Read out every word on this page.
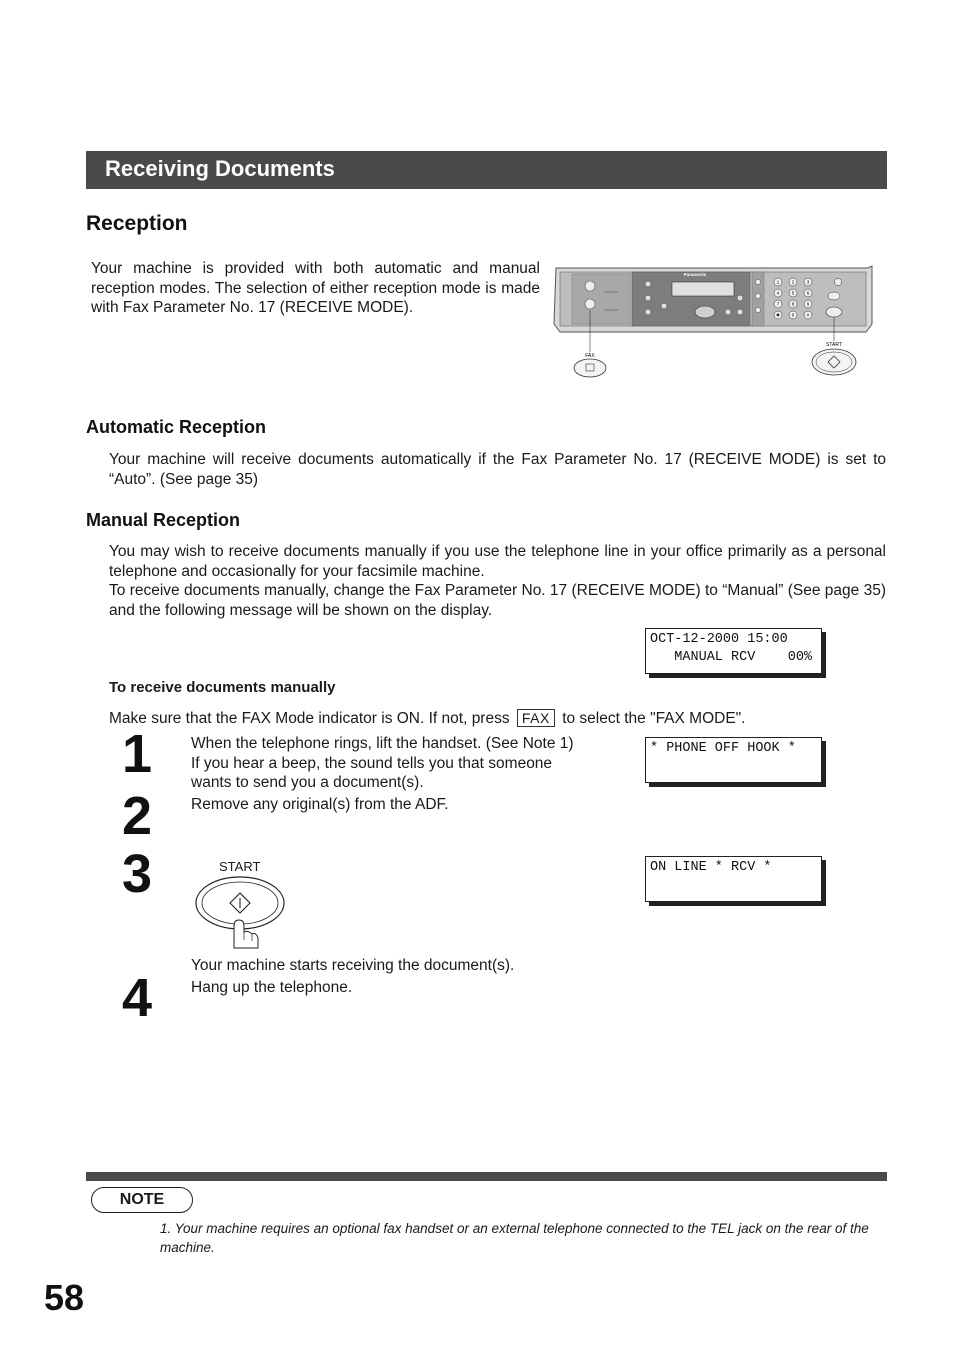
Receiving Documents
Reception
Your machine is provided with both automatic and manual reception modes. The selection of either reception mode is made with Fax Parameter No. 17 (RECEIVE MODE).
Panasonic
1	2	3
4	5	6
7	8	9
✱	0	#
FAX
START
Automatic Reception
Your machine will receive documents automatically if the Fax Parameter No. 17 (RECEIVE MODE) is set to “Auto”. (See page 35)
Manual Reception
You may wish to receive documents manually if you use the telephone line in your office primarily as a personal telephone and occasionally for your facsimile machine.
To receive documents manually, change the Fax Parameter No. 17 (RECEIVE MODE) to “Manual” (See page 35) and the following message will be shown on the display.
OCT-12-2000 15:00
MANUAL RCV    00%
To receive documents manually
Make sure that the FAX Mode indicator is ON. If not, press FAX to select the "FAX MODE".
1	When the telephone rings, lift the handset. (See Note 1)
If you hear a beep, the sound tells you that someone
wants to send you a document(s).
* PHONE OFF HOOK *
2	Remove any original(s) from the ADF.
3	START	ON LINE * RCV *
Your machine starts receiving the document(s).
4	Hang up the telephone.
NOTE
1. Your machine requires an optional fax handset or an external telephone connected to the TEL jack on the rear of the machine.
58
